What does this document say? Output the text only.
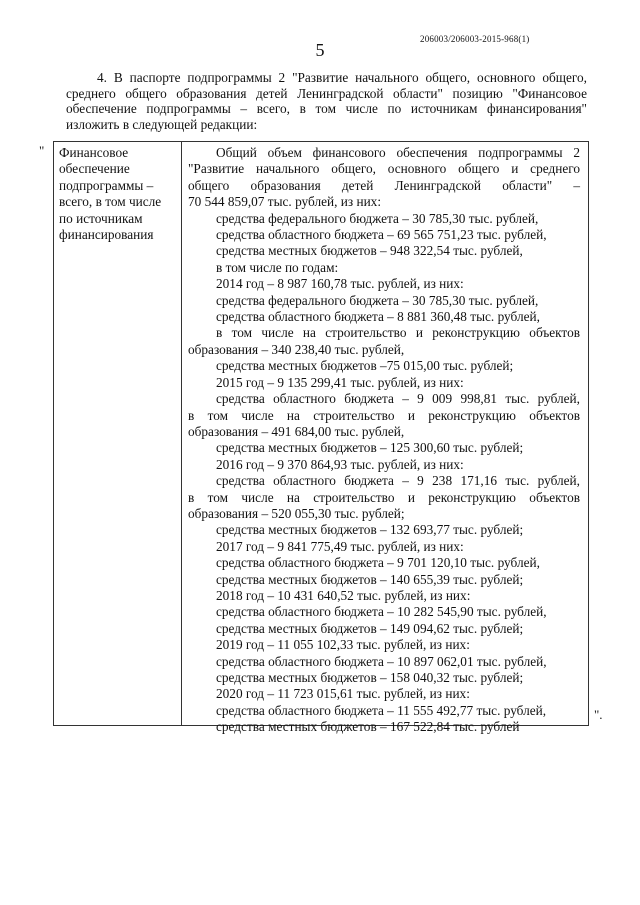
206003/206003-2015-968(1)
5
4. В паспорте подпрограммы 2 "Развитие начального общего, основного общего,
среднего общего образования детей Ленинградской области" позицию "Финансовое
обеспечение подпрограммы – всего, в том числе по источникам финансирования"
изложить в следующей редакции:
" Финансовое
обеспечение
подпрограммы –
всего, в том числе
по источникам
финансирования
Общий объем финансового обеспечения подпрограммы 2
"Развитие начального общего, основного общего и среднего
общего образования детей Ленинградской области" –
70 544 859,07 тыс. рублей, из них:
средства федерального бюджета – 30 785,30 тыс. рублей,
средства областного бюджета – 69 565 751,23 тыс. рублей,
средства местных бюджетов – 948 322,54 тыс. рублей,
в том числе по годам:
2014 год – 8 987 160,78 тыс. рублей, из них:
средства федерального бюджета – 30 785,30 тыс. рублей,
средства областного бюджета – 8 881 360,48 тыс. рублей,
в том числе на строительство и реконструкцию объектов
образования – 340 238,40 тыс. рублей,
средства местных бюджетов –75 015,00 тыс. рублей;
2015 год – 9 135 299,41 тыс. рублей, из них:
средства областного бюджета – 9 009 998,81 тыс. рублей,
в том числе на строительство и реконструкцию объектов
образования – 491 684,00 тыс. рублей,
средства местных бюджетов – 125 300,60 тыс. рублей;
2016 год – 9 370 864,93 тыс. рублей, из них:
средства областного бюджета – 9 238 171,16 тыс. рублей,
в том числе на строительство и реконструкцию объектов
образования – 520 055,30 тыс. рублей;
средства местных бюджетов – 132 693,77 тыс. рублей;
2017 год – 9 841 775,49 тыс. рублей, из них:
средства областного бюджета – 9 701 120,10 тыс. рублей,
средства местных бюджетов – 140 655,39 тыс. рублей;
2018 год – 10 431 640,52 тыс. рублей, из них:
средства областного бюджета – 10 282 545,90 тыс. рублей,
средства местных бюджетов – 149 094,62 тыс. рублей;
2019 год – 11 055 102,33 тыс. рублей, из них:
средства областного бюджета – 10 897 062,01 тыс. рублей,
средства местных бюджетов – 158 040,32 тыс. рублей;
2020 год – 11 723 015,61 тыс. рублей, из них:
средства областного бюджета – 11 555 492,77 тыс. рублей,
средства местных бюджетов – 167 522,84 тыс. рублей
".
